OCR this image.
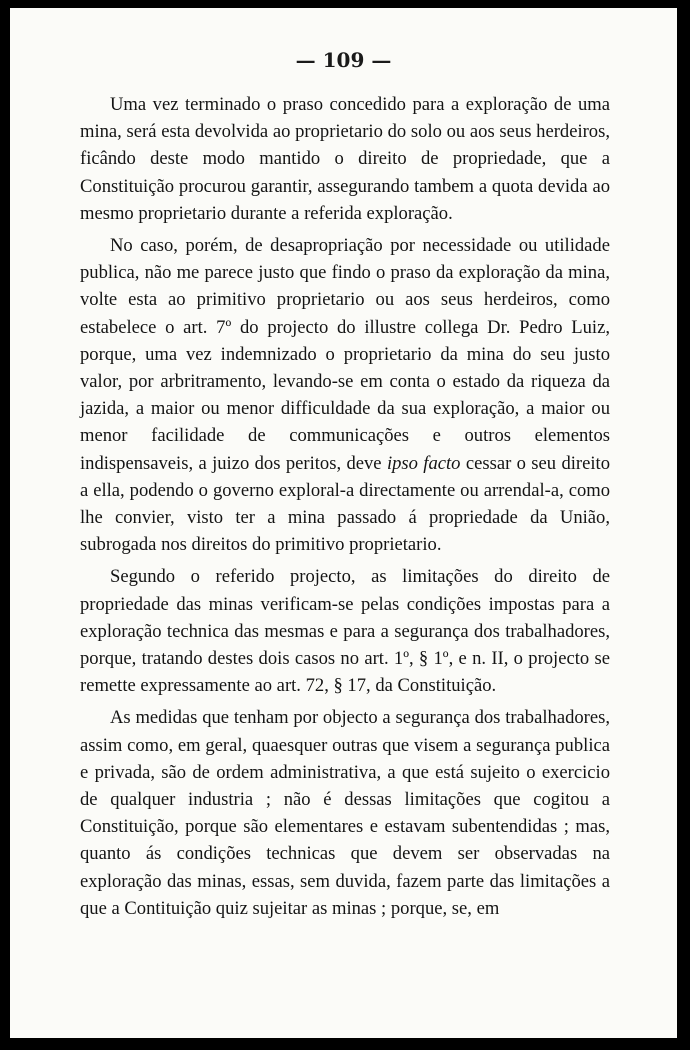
— 109 —

Uma vez terminado o praso concedido para a exploração de uma mina, será esta devolvida ao proprietario do solo ou aos seus herdeiros, ficândo deste modo mantido o direito de propriedade, que a Constituição procurou garantir, assegurando tambem a quota devida ao mesmo proprietario durante a referida exploração.

No caso, porém, de desapropriação por necessidade ou utilidade publica, não me parece justo que findo o praso da exploração da mina, volte esta ao primitivo proprietario ou aos seus herdeiros, como estabelece o art. 7º do projecto do illustre collega Dr. Pedro Luiz, porque, uma vez indemnizado o proprietario da mina do seu justo valor, por arbritramento, levando-se em conta o estado da riqueza da jazida, a maior ou menor difficuldade da sua exploração, a maior ou menor facilidade de communicações e outros elementos indispensaveis, a juizo dos peritos, deve ipso facto cessar o seu direito a ella, podendo o governo exploral-a directamente ou arrendal-a, como lhe convier, visto ter a mina passado á propriedade da União, subrogada nos direitos do primitivo proprietario.

Segundo o referido projecto, as limitações do direito de propriedade das minas verificam-se pelas condições impostas para a exploração technica das mesmas e para a segurança dos trabalhadores, porque, tratando destes dois casos no art. 1º, § 1º, e n. II, o projecto se remette expressamente ao art. 72, § 17, da Constituição.

As medidas que tenham por objecto a segurança dos trabalhadores, assim como, em geral, quaesquer outras que visem a segurança publica e privada, são de ordem administrativa, a que está sujeito o exercicio de qualquer industria ; não é dessas limitações que cogitou a Constituição, porque são elementares e estavam subentendidas ; mas, quanto ás condições technicas que devem ser observadas na exploração das minas, essas, sem duvida, fazem parte das limitações a que a Contituição quiz sujeitar as minas ; porque, se, em
